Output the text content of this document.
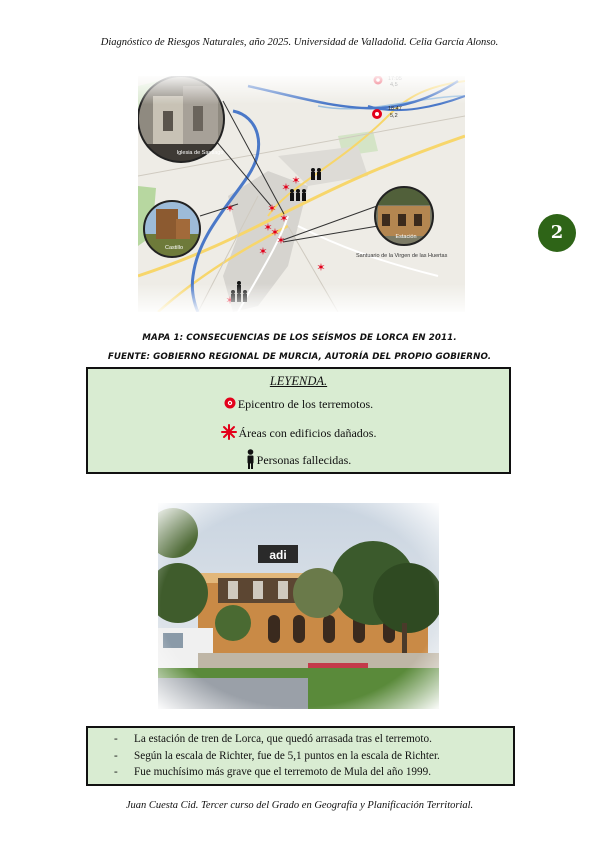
Diagnóstico de Riesgos Naturales, año 2025. Universidad de Valladolid. Celia García Alonso.
2
MAPA 1: CONSECUENCIAS DE LOS SEÍSMOS DE LORCA EN 2011.
FUENTE: GOBIERNO REGIONAL DE MURCIA, AUTORÍA DEL PROPIO GOBIERNO.
LEYENDA.
Epicentro de los terremotos.
Áreas con edificios dañados.
Personas fallecidas.
- La estación de tren de Lorca, que quedó arrasada tras el terremoto.
- Según la escala de Richter, fue de 5,1 puntos en la escala de Richter.
- Fue muchísimo más grave que el terremoto de Mula del año 1999.
Juan Cuesta Cid. Tercer curso del Grado en Geografía y Planificación Territorial.
